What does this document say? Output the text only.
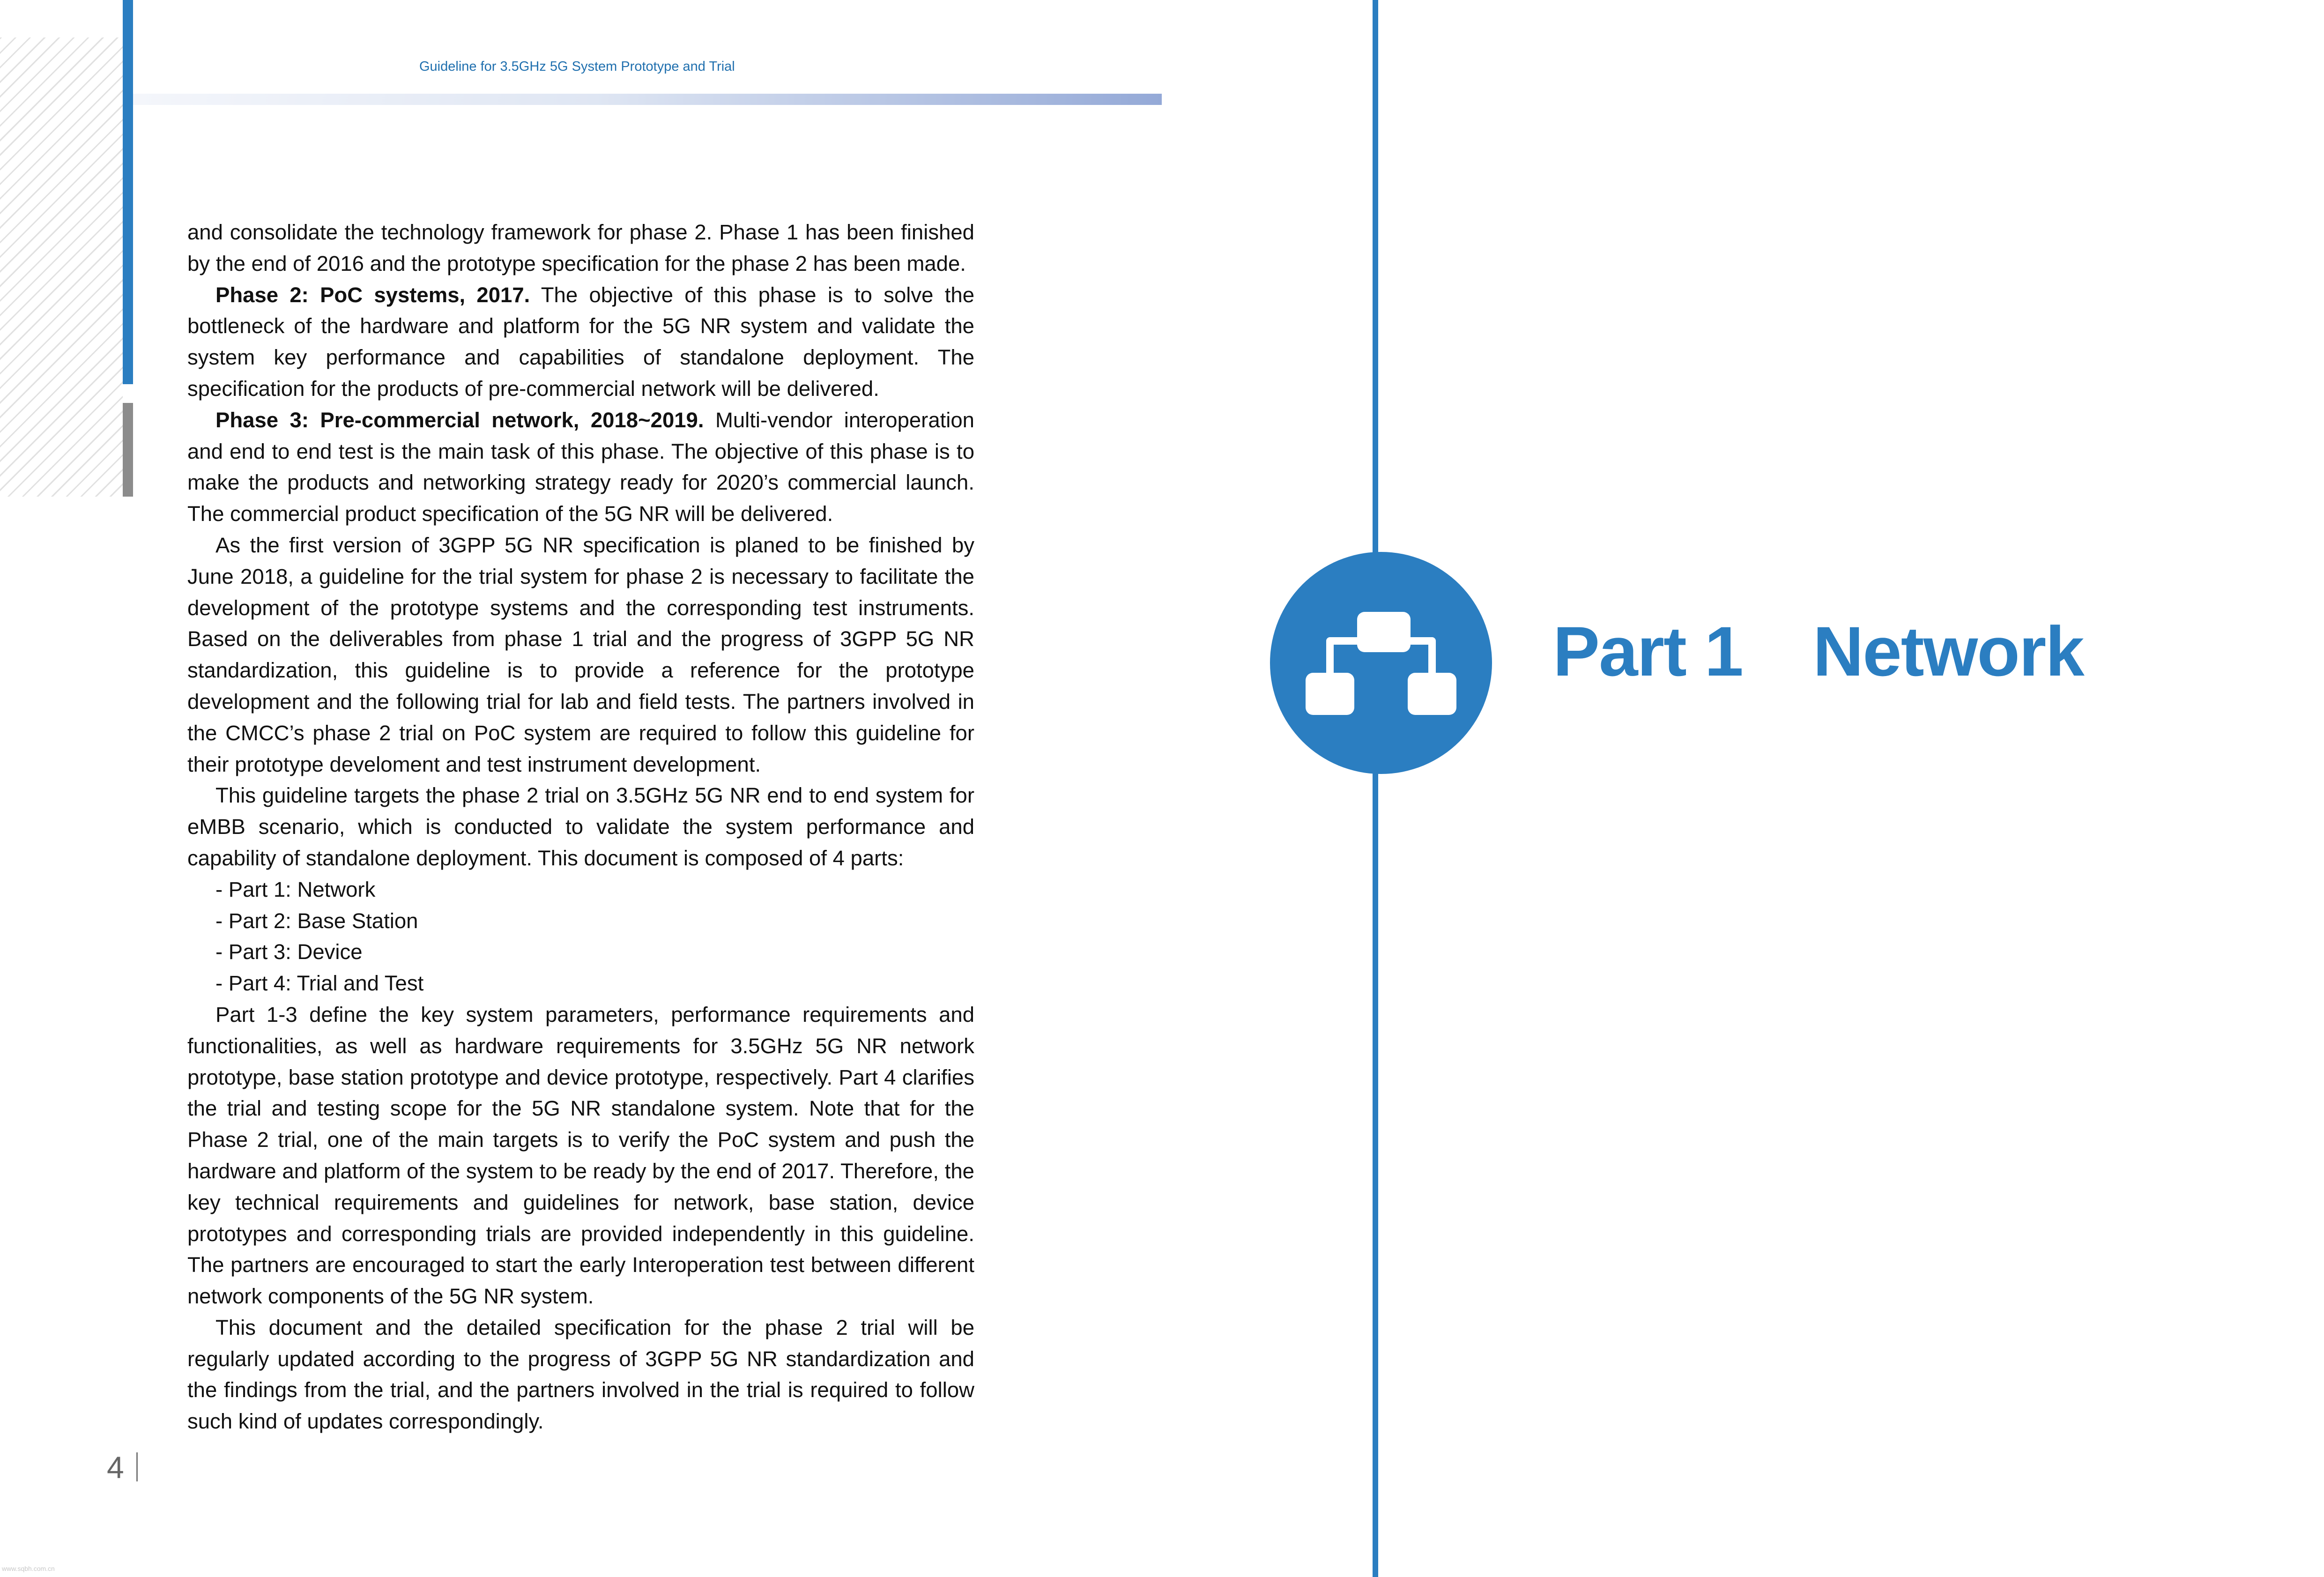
Guideline for 3.5GHz 5G System Prototype and Trial

and consolidate the technology framework for phase 2. Phase 1 has been finished by the end of 2016 and the prototype specification for the phase 2 has been made.

Phase 2: PoC systems, 2017. The objective of this phase is to solve the bottleneck of the hardware and platform for the 5G NR system and validate the system key performance and capabilities of standalone deployment. The specification for the products of pre-commercial network will be delivered.

Phase 3: Pre-commercial network, 2018~2019. Multi-vendor interoperation and end to end test is the main task of this phase. The objective of this phase is to make the products and networking strategy ready for 2020’s commercial launch. The commercial product specification of the 5G NR will be delivered.

As the first version of 3GPP 5G NR specification is planed to be finished by June 2018, a guideline for the trial system for phase 2 is necessary to facilitate the development of the prototype systems and the corresponding test instruments. Based on the deliverables from phase 1 trial and the progress of 3GPP 5G NR standardization, this guideline is to provide a reference for the prototype development and the following trial for lab and field tests. The partners involved in the CMCC’s phase 2 trial on PoC system are required to follow this guideline for their prototype develoment and test instrument development.

This guideline targets the phase 2 trial on 3.5GHz 5G NR end to end system for eMBB scenario, which is conducted to validate the system performance and capability of standalone deployment. This document is composed of 4 parts:

- Part 1: Network

- Part 2: Base Station

- Part 3: Device

- Part 4: Trial and Test

Part 1-3 define the key system parameters, performance requirements and functionalities, as well as hardware requirements for 3.5GHz 5G NR network prototype, base station prototype and device prototype, respectively. Part 4 clarifies the trial and testing scope for the 5G NR standalone system. Note that for the Phase 2 trial, one of the main targets is to verify the PoC system and push the hardware and platform of the system to be ready by the end of 2017. Therefore, the key technical requirements and guidelines for network, base station, device prototypes and corresponding trials are provided independently in this guideline. The partners are encouraged to start the early Interoperation test between different network components of the 5G NR system.

This document and the detailed specification for the phase 2 trial will be regularly updated according to the progress of 3GPP 5G NR standardization and the findings from the trial, and the partners involved in the trial is required to follow such kind of updates correspondingly.

4
Part 1 Network
www.sqbh.com.cn
